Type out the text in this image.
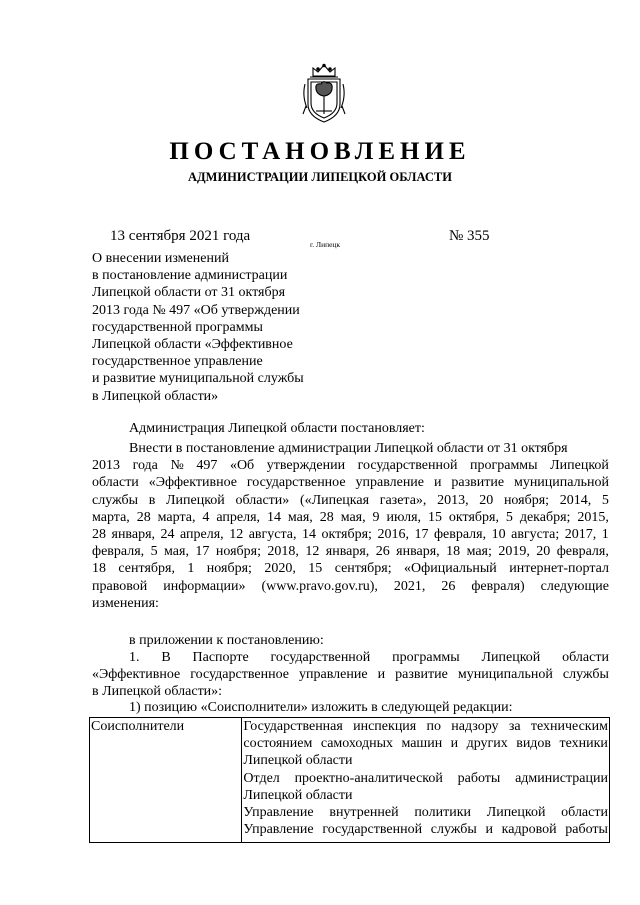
ПОСТАНОВЛЕНИЕ
АДМИНИСТРАЦИИ ЛИПЕЦКОЙ ОБЛАСТИ
13 сентября 2021 года
г. Липецк
№ 355
О внесении изменений
в постановление администрации
Липецкой области от 31 октября
2013 года № 497 «Об утверждении
государственной программы
Липецкой области «Эффективное
государственное управление
и развитие муниципальной службы
в Липецкой области»
Администрация Липецкой области постановляет:
Внести в постановление администрации Липецкой области от 31 октября
2013 года № 497 «Об утверждении государственной программы Липецкой
области «Эффективное государственное управление и развитие муниципальной
службы в Липецкой области» («Липецкая газета», 2013, 20 ноября; 2014, 5
марта, 28 марта, 4 апреля, 14 мая, 28 мая, 9 июля, 15 октября, 5 декабря; 2015,
28 января, 24 апреля, 12 августа, 14 октября; 2016, 17 февраля, 10 августа; 2017, 1
февраля, 5 мая, 17 ноября; 2018, 12 января, 26 января, 18 мая; 2019, 20 февраля,
18 сентября, 1 ноября; 2020, 15 сентября; «Официальный интернет-портал
правовой информации» (www.pravo.gov.ru), 2021, 26 февраля) следующие
изменения:
в приложении к постановлению:
1. В Паспорте государственной программы Липецкой области
«Эффективное государственное управление и развитие муниципальной службы
в Липецкой области»:
1) позицию «Соисполнители» изложить в следующей редакции:
Соисполнители	Государственная инспекция по надзору за техническим
состоянием самоходных машин и других видов техники
Липецкой области
Отдел проектно-аналитической работы администрации
Липецкой области
Управление внутренней политики Липецкой области
Управление государственной службы и кадровой работы
